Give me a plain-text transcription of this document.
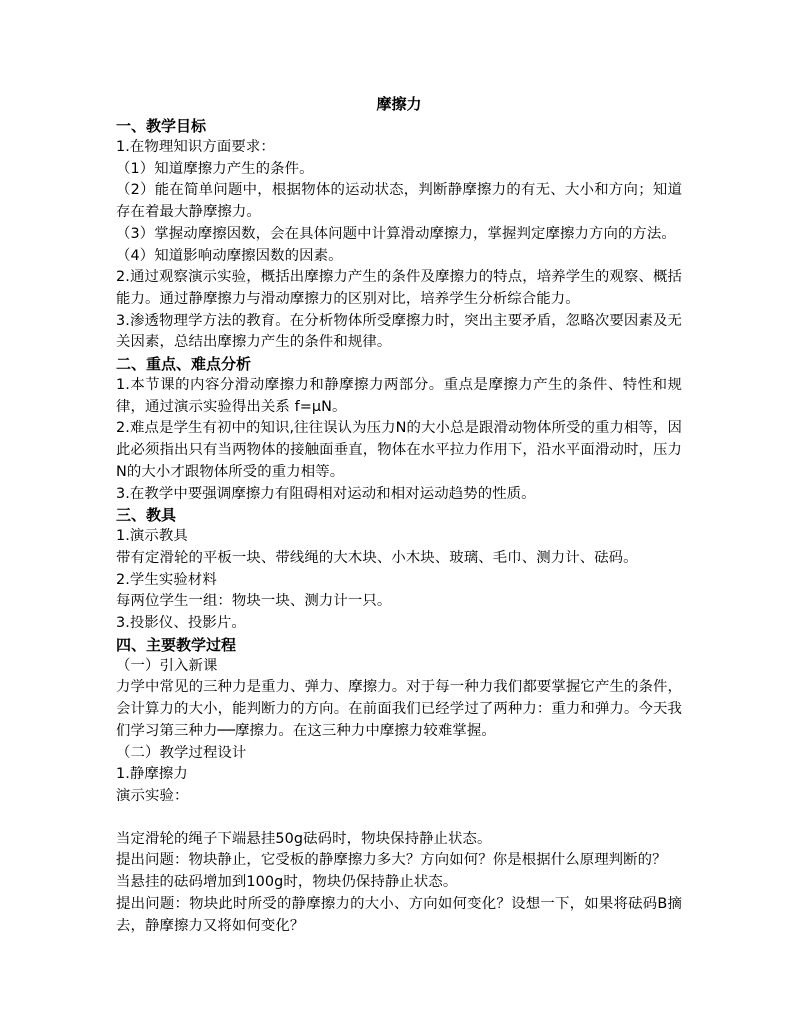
摩擦力
一、教学目标

1.在物理知识方面要求：

（1）知道摩擦力产生的条件。

（2）能在简单问题中，根据物体的运动状态，判断静摩擦力的有无、大小和方向；知道存在着最大静摩擦力。

（3）掌握动摩擦因数，会在具体问题中计算滑动摩擦力，掌握判定摩擦力方向的方法。

（4）知道影响动摩擦因数的因素。

2.通过观察演示实验，概括出摩擦力产生的条件及摩擦力的特点，培养学生的观察、概括能力。通过静摩擦力与滑动摩擦力的区别对比，培养学生分析综合能力。

3.渗透物理学方法的教育。在分析物体所受摩擦力时，突出主要矛盾，忽略次要因素及无关因素，总结出摩擦力产生的条件和规律。

二、重点、难点分析

1.本节课的内容分滑动摩擦力和静摩擦力两部分。重点是摩擦力产生的条件、特性和规律，通过演示实验得出关系 f=μN。

2.难点是学生有初中的知识,往往误认为压力N的大小总是跟滑动物体所受的重力相等，因此必须指出只有当两物体的接触面垂直，物体在水平拉力作用下，沿水平面滑动时，压力N的大小才跟物体所受的重力相等。

3.在教学中要强调摩擦力有阻碍相对运动和相对运动趋势的性质。

三、教具

1.演示教具

带有定滑轮的平板一块、带线绳的大木块、小木块、玻璃、毛巾、测力计、砝码。

2.学生实验材料

每两位学生一组：物块一块、测力计一只。

3.投影仪、投影片。

四、主要教学过程

（一）引入新课

力学中常见的三种力是重力、弹力、摩擦力。对于每一种力我们都要掌握它产生的条件，会计算力的大小，能判断力的方向。在前面我们已经学过了两种力：重力和弹力。今天我们学习第三种力──摩擦力。在这三种力中摩擦力较难掌握。

（二）教学过程设计

1.静摩擦力

演示实验：

当定滑轮的绳子下端悬挂50g砝码时，物块保持静止状态。

提出问题：物块静止，它受板的静摩擦力多大？方向如何？你是根据什么原理判断的？

当悬挂的砝码增加到100g时，物块仍保持静止状态。

提出问题：物块此时所受的静摩擦力的大小、方向如何变化？设想一下，如果将砝码B摘去，静摩擦力又将如何变化？
